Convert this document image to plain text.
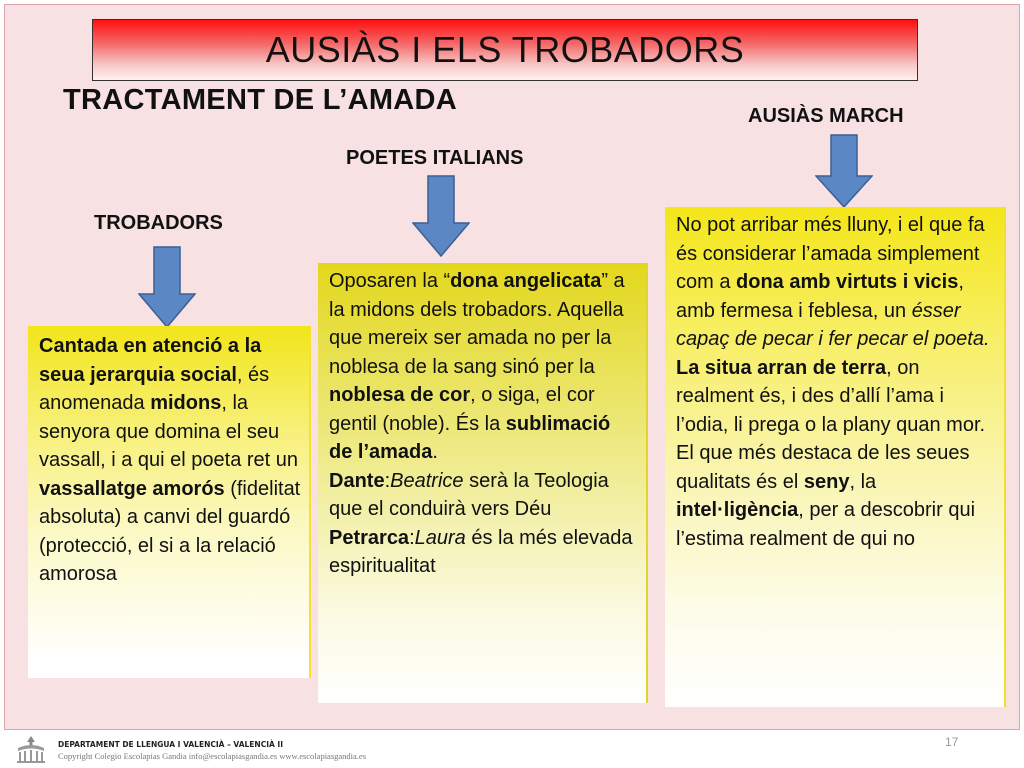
AUSIÀS I ELS TROBADORS
TRACTAMENT DE L’AMADA
TROBADORS
POETES ITALIANS
AUSIÀS MARCH

Cantada en atenció a la seua jerarquia social, és anomenada midons, la senyora que domina el seu vassall, i a qui el poeta ret un vassallatge amorós (fidelitat absoluta) a canvi del guardó (protecció, el si a la relació amorosa

Oposaren la “dona angelicata” a la midons dels trobadors. Aquella que mereix ser amada no per la noblesa de la sang sinó per la noblesa de cor, o siga, el cor gentil (noble). És la sublimació de l’amada.
Dante:Beatrice serà la Teologia que el conduirà vers Déu
Petrarca:Laura és la més elevada espiritualitat

No pot arribar més lluny, i el que fa és considerar l’amada simplement com a dona amb virtuts i vicis, amb fermesa i feblesa, un ésser capaç de pecar i fer pecar el poeta.
La situa arran de terra, on realment és, i des d’allí l’ama i l’odia, li prega o la plany quan mor.
El que més destaca de les seues qualitats és el seny, la intel·ligència, per a descobrir qui l’estima realment de qui no

DEPARTAMENT DE LLENGUA I VALENCIÀ – VALENCIÀ II
Copyright Colegio Escolapias Gandia info@escolapiasgandia.es www.escolapiasgandia.es
17
